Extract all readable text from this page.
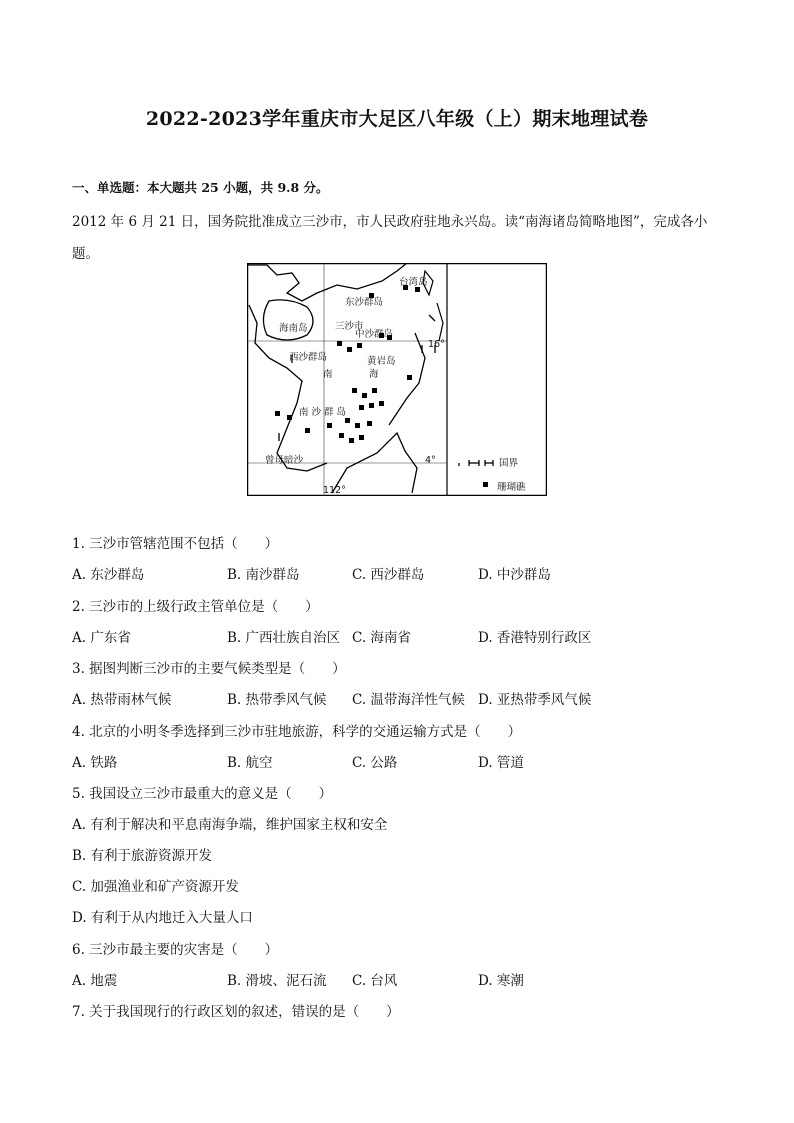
2022-2023学年重庆市大足区八年级（上）期末地理试卷
一、单选题：本大题共 25 小题，共 9.8 分。
2012 年 6 月 21 日，国务院批准成立三沙市，市人民政府驻地永兴岛。读“南海诸岛简略地图”，完成各小题。
台湾岛
东沙群岛
海南岛	三沙市
中沙群岛
西沙群岛	黄岩岛
南	海
南 沙 群 岛
曾母暗沙
112°
16°
4°	国界
珊瑚礁
1. 三沙市管辖范围不包括（　　）
A. 东沙群岛	B. 南沙群岛	C. 西沙群岛	D. 中沙群岛
2. 三沙市的上级行政主管单位是（　　）
A. 广东省	B. 广西壮族自治区 C. 海南省	D. 香港特别行政区
3. 据图判断三沙市的主要气候类型是（　　）
A. 热带雨林气候	B. 热带季风气候 C. 温带海洋性气候 D. 亚热带季风气候
4. 北京的小明冬季选择到三沙市驻地旅游，科学的交通运输方式是（　　）
A. 铁路	B. 航空	C. 公路	D. 管道
5. 我国设立三沙市最重大的意义是（　　）
A. 有利于解决和平息南海争端，维护国家主权和安全
B. 有利于旅游资源开发
C. 加强渔业和矿产资源开发
D. 有利于从内地迁入大量人口
6. 三沙市最主要的灾害是（　　）
A. 地震	B. 滑坡、泥石流 C. 台风	D. 寒潮
7. 关于我国现行的行政区划的叙述，错误的是（　　）
